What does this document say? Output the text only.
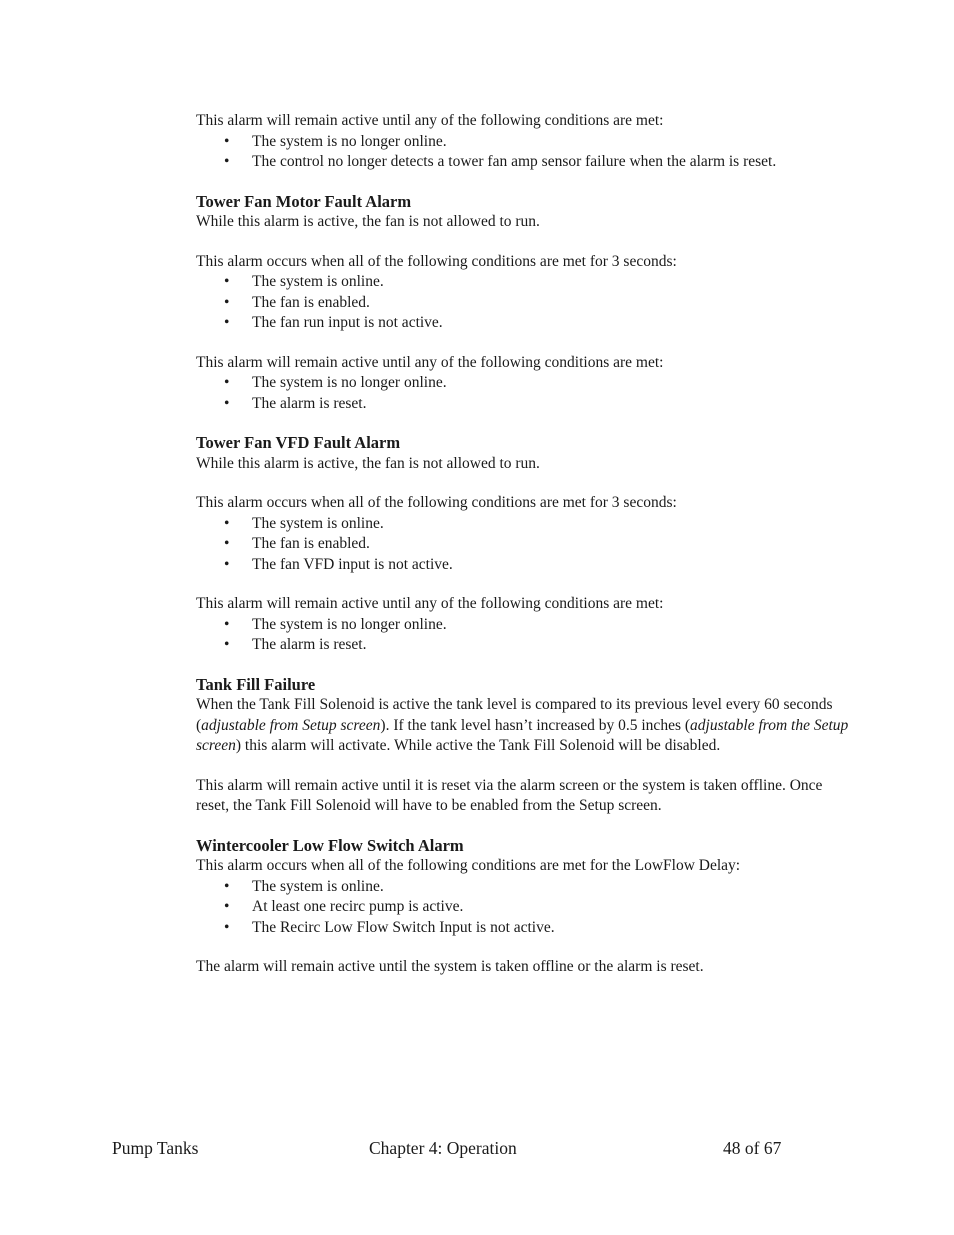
This alarm will remain active until any of the following conditions are met:

• The system is no longer online.
• The control no longer detects a tower fan amp sensor failure when the alarm is reset.

Tower Fan Motor Fault Alarm

While this alarm is active, the fan is not allowed to run.

This alarm occurs when all of the following conditions are met for 3 seconds:

• The system is online.
• The fan is enabled.
• The fan run input is not active.

This alarm will remain active until any of the following conditions are met:

• The system is no longer online.
• The alarm is reset.

Tower Fan VFD Fault Alarm

While this alarm is active, the fan is not allowed to run.

This alarm occurs when all of the following conditions are met for 3 seconds:

• The system is online.
• The fan is enabled.
• The fan VFD input is not active.

This alarm will remain active until any of the following conditions are met:

• The system is no longer online.
• The alarm is reset.

Tank Fill Failure

When the Tank Fill Solenoid is active the tank level is compared to its previous level every 60 seconds (adjustable from Setup screen). If the tank level hasn’t increased by 0.5 inches (adjustable from the Setup screen) this alarm will activate. While active the Tank Fill Solenoid will be disabled.

This alarm will remain active until it is reset via the alarm screen or the system is taken offline. Once reset, the Tank Fill Solenoid will have to be enabled from the Setup screen.

Wintercooler Low Flow Switch Alarm

This alarm occurs when all of the following conditions are met for the LowFlow Delay:

• The system is online.
• At least one recirc pump is active.
• The Recirc Low Flow Switch Input is not active.

The alarm will remain active until the system is taken offline or the alarm is reset.

Pump Tanks	Chapter 4: Operation	48 of 67
